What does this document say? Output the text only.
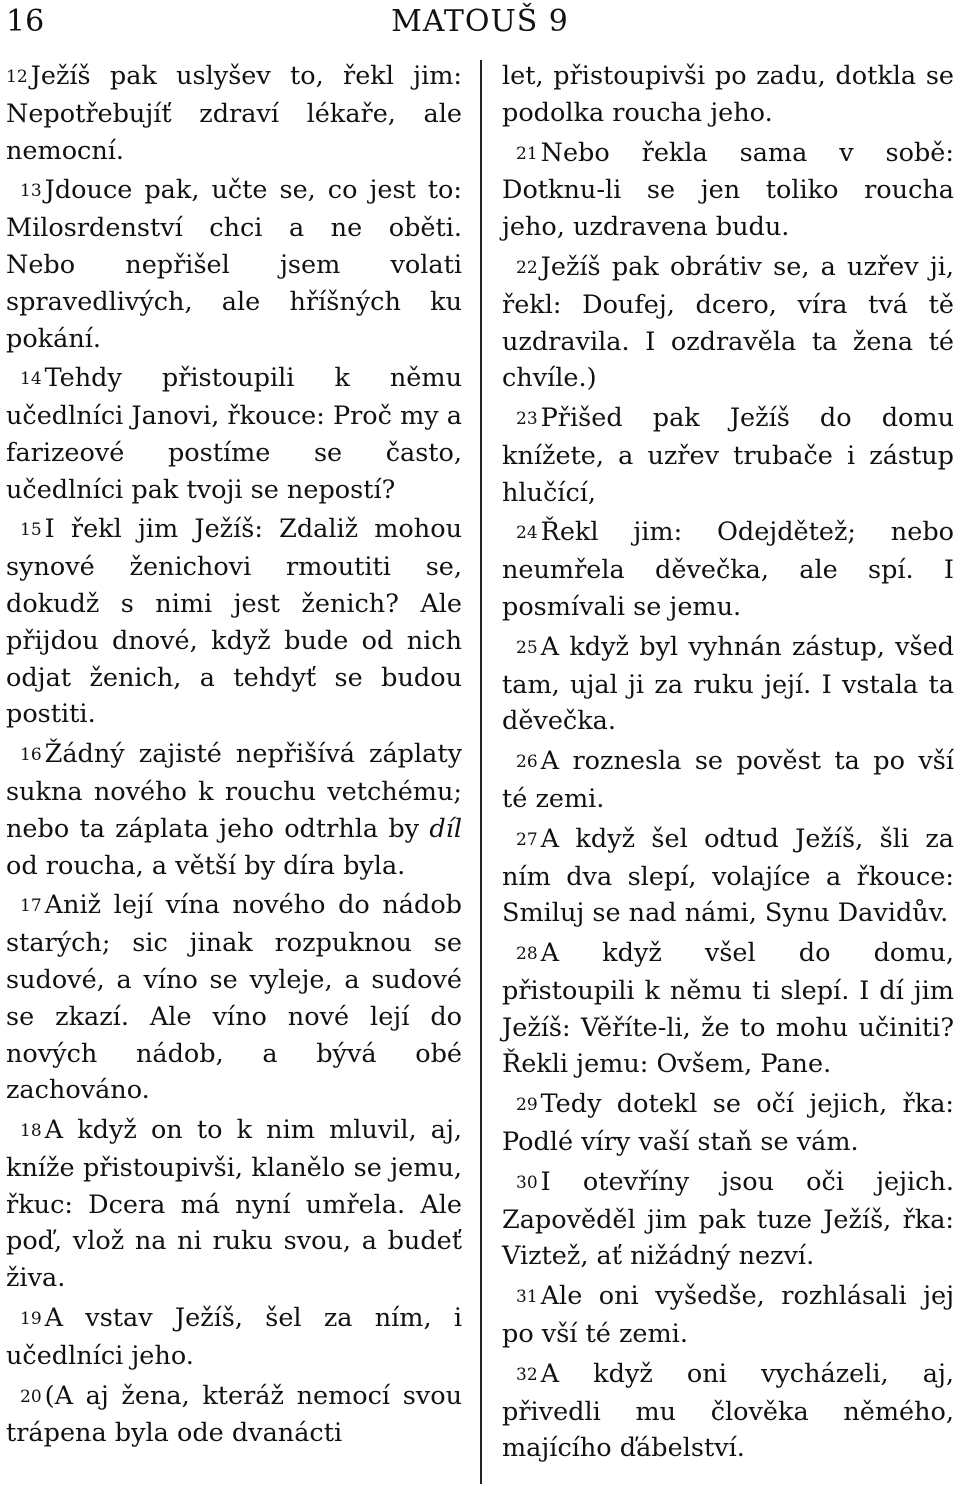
16	MATOUŠ 9

12 Ježíš pak uslyšev to, řekl jim: Nepotřebujíť zdraví lékaře, ale nemocní.

13 Jdouce pak, učte se, co jest to: Milosrdenství chci a ne oběti. Nebo nepřišel jsem volati spravedlivých, ale hříšných ku pokání.

14 Tehdy přistoupili k němu učedlníci Janovi, řkouce: Proč my a farizeové postíme se často, učedlníci pak tvoji se nepostí?

15 I řekl jim Ježíš: Zdaliž mohou synové ženichovi rmoutiti se, dokudž s nimi jest ženich? Ale přijdou dnové, když bude od nich odjat ženich, a tehdyť se budou postiti.

16 Žádný zajisté nepřišívá záplaty sukna nového k rouchu vetchému; nebo ta záplata jeho odtrhla by díl od roucha, a větší by díra byla.

17 Aniž lejí vína nového do nádob starých; sic jinak rozpuknou se sudové, a víno se vyleje, a sudové se zkazí. Ale víno nové lejí do nových nádob, a bývá obé zachováno.

18 A když on to k nim mluvil, aj, kníže přistoupivši, klanělo se jemu, řkuc: Dcera má nyní umřela. Ale poď, vlož na ni ruku svou, a budeť živa.

19 A vstav Ježíš, šel za ním, i učedlníci jeho.

20 (A aj žena, kteráž nemocí svou trápena byla ode dvanácti

let, přistoupivši po zadu, dotkla se podolka roucha jeho.

21 Nebo řekla sama v sobě: Dotknu-li se jen toliko roucha jeho, uzdravena budu.

22 Ježíš pak obrátiv se, a uzřev ji, řekl: Doufej, dcero, víra tvá tě uzdravila. I ozdravěla ta žena té chvíle.)

23 Přišed pak Ježíš do domu knížete, a uzřev trubače i zástup hlučící,

24 Řekl jim: Odejdětež; nebo neumřela děvečka, ale spí. I posmívali se jemu.

25 A když byl vyhnán zástup, všed tam, ujal ji za ruku její. I vstala ta děvečka.

26 A roznesla se pověst ta po vší té zemi.

27 A když šel odtud Ježíš, šli za ním dva slepí, volajíce a řkouce: Smiluj se nad námi, Synu Davidův.

28 A když všel do domu, přistoupili k němu ti slepí. I dí jim Ježíš: Věříte-li, že to mohu učiniti? Řekli jemu: Ovšem, Pane.

29 Tedy dotekl se očí jejich, řka: Podlé víry vaší staň se vám.

30 I otevříny jsou oči jejich. Zapověděl jim pak tuze Ježíš, řka: Viztež, ať nižádný nezví.

31 Ale oni vyšedše, rozhlásali jej po vší té zemi.

32 A když oni vycházeli, aj, přivedli mu člověka němého, majícího ďábelství.
